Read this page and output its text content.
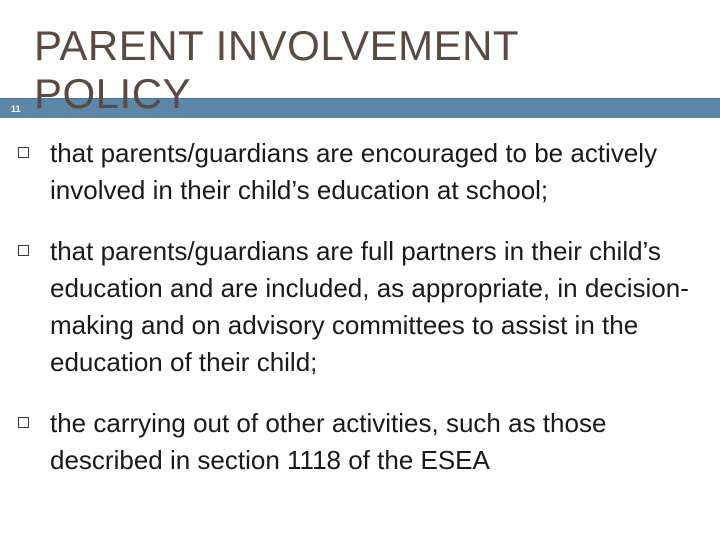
11
PARENT INVOLVEMENT POLICY
that parents/guardians are encouraged to be actively involved in their child’s education at school;
that parents/guardians are full partners in their child’s education and are included, as appropriate, in decision-making and on advisory committees to assist in the education of their child;
the carrying out of other activities, such as those described in section 1118 of the ESEA
